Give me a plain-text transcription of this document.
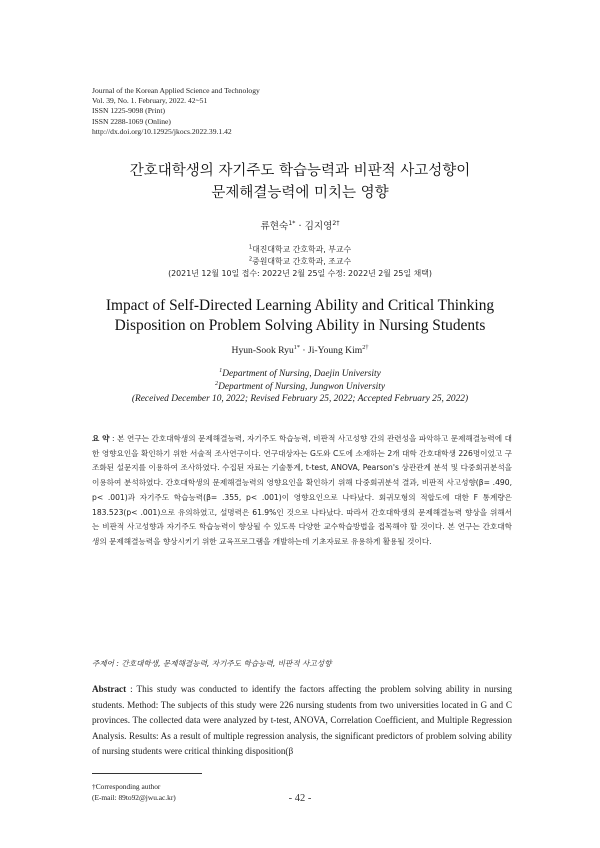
Journal of the Korean Applied Science and Technology
Vol. 39, No. 1. February, 2022. 42~51
ISSN 1225-9098 (Print)
ISSN 2288-1069 (Online)
http://dx.doi.org/10.12925/jkocs.2022.39.1.42
간호대학생의 자기주도 학습능력과 비판적 사고성향이
문제해결능력에 미치는 영향
류현숙$^{1*}$ · 김지영$^{2\dagger}$
$^1$대진대학교 간호학과, 부교수
$^2$중원대학교 간호학과, 조교수
(2021년 12월 10일 접수: 2022년 2월 25일 수정: 2022년 2월 25일 채택)
Impact of Self-Directed Learning Ability and Critical Thinking
Disposition on Problem Solving Ability in Nursing Students
Hyun-Sook Ryu$^{1*}$ · Ji-Young Kim$^{2\dagger}$
$^1$Department of Nursing, Daejin University
$^2$Department of Nursing, Jungwon University
(Received December 10, 2022; Revised February 25, 2022; Accepted February 25, 2022)
요 약 : 본 연구는 간호대학생의 문제해결능력, 자기주도 학습능력, 비판적 사고성향 간의 관련성을 파악하고 문제해결능력에 대한 영향요인을 확인하기 위한 서술적 조사연구이다. 연구대상자는 G도와 C도에 소재하는 2개 대학 간호대학생 226명이었고 구조화된 설문지를 이용하여 조사하였다. 수집된 자료는 기술통계, t-test, ANOVA, Pearson's 상관관계 분석 및 다중회귀분석을 이용하여 분석하였다. 간호대학생의 문제해결능력의 영향요인을 확인하기 위해 다중회귀분석 결과, 비판적 사고성향(β= .490, p< .001)과 자기주도 학습능력(β= .355, p< .001)이 영향요인으로 나타났다. 회귀모형의 적합도에 대한 F 통계량은 183.523(p< .001)으로 유의하였고, 설명력은 61.9%인 것으로 나타났다. 따라서 간호대학생의 문제해결능력 향상을 위해서는 비판적 사고성향과 자기주도 학습능력이 향상될 수 있도록 다양한 교수학습방법을 접목해야 할 것이다. 본 연구는 간호대학생의 문제해결능력을 향상시키기 위한 교육프로그램을 개발하는데 기초자료로 유용하게 활용될 것이다.
주제어 : 간호대학생, 문제해결능력, 자기주도 학습능력, 비판적 사고성향
Abstract : This study was conducted to identify the factors affecting the problem solving ability in nursing students. Method: The subjects of this study were 226 nursing students from two universities located in G and C provinces. The collected data were analyzed by t-test, ANOVA, Correlation Coefficient, and Multiple Regression Analysis. Results: As a result of multiple regression analysis, the significant predictors of problem solving ability of nursing students were critical thinking disposition(β
†Corresponding author
(E-mail: 89to92@jwu.ac.kr)	- 42 -
